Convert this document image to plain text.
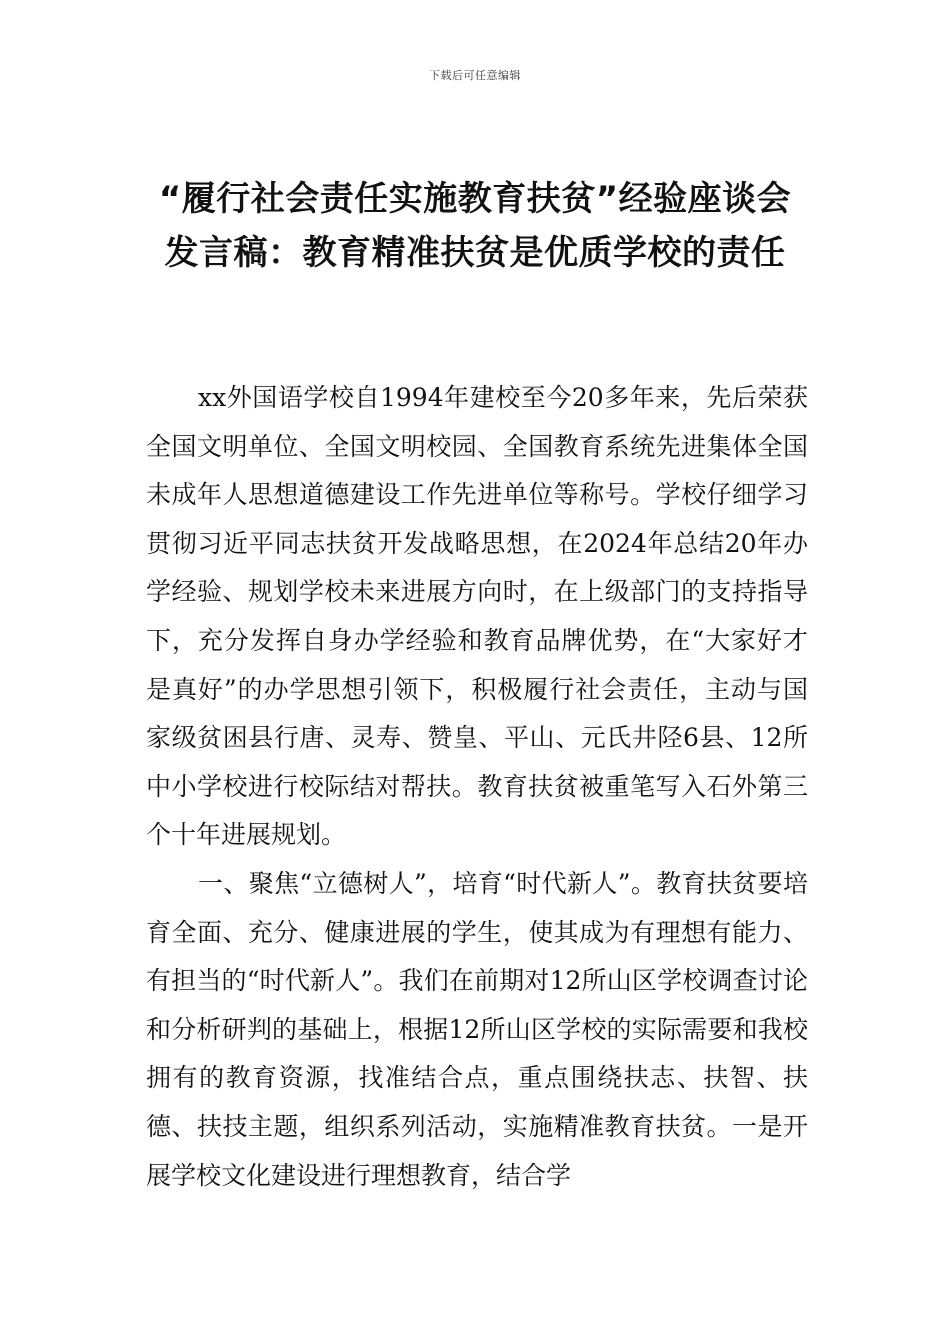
下载后可任意编辑
“履行社会责任实施教育扶贫”经验座谈会发言稿：教育精准扶贫是优质学校的责任

xx外国语学校自1994年建校至今20多年来，先后荣获全国文明单位、全国文明校园、全国教育系统先进集体全国未成年人思想道德建设工作先进单位等称号。学校仔细学习贯彻习近平同志扶贫开发战略思想，在2024年总结20年办学经验、规划学校未来进展方向时，在上级部门的支持指导下，充分发挥自身办学经验和教育品牌优势，在“大家好才是真好”的办学思想引领下，积极履行社会责任，主动与国家级贫困县行唐、灵寿、赞皇、平山、元氏井陉6县、12所中小学校进行校际结对帮扶。教育扶贫被重笔写入石外第三个十年进展规划。

一、聚焦“立德树人”，培育“时代新人”。教育扶贫要培育全面、充分、健康进展的学生，使其成为有理想有能力、有担当的“时代新人”。我们在前期对12所山区学校调查讨论和分析研判的基础上，根据12所山区学校的实际需要和我校拥有的教育资源，找准结合点，重点围绕扶志、扶智、扶德、扶技主题，组织系列活动，实施精准教育扶贫。一是开展学校文化建设进行理想教育，结合学
